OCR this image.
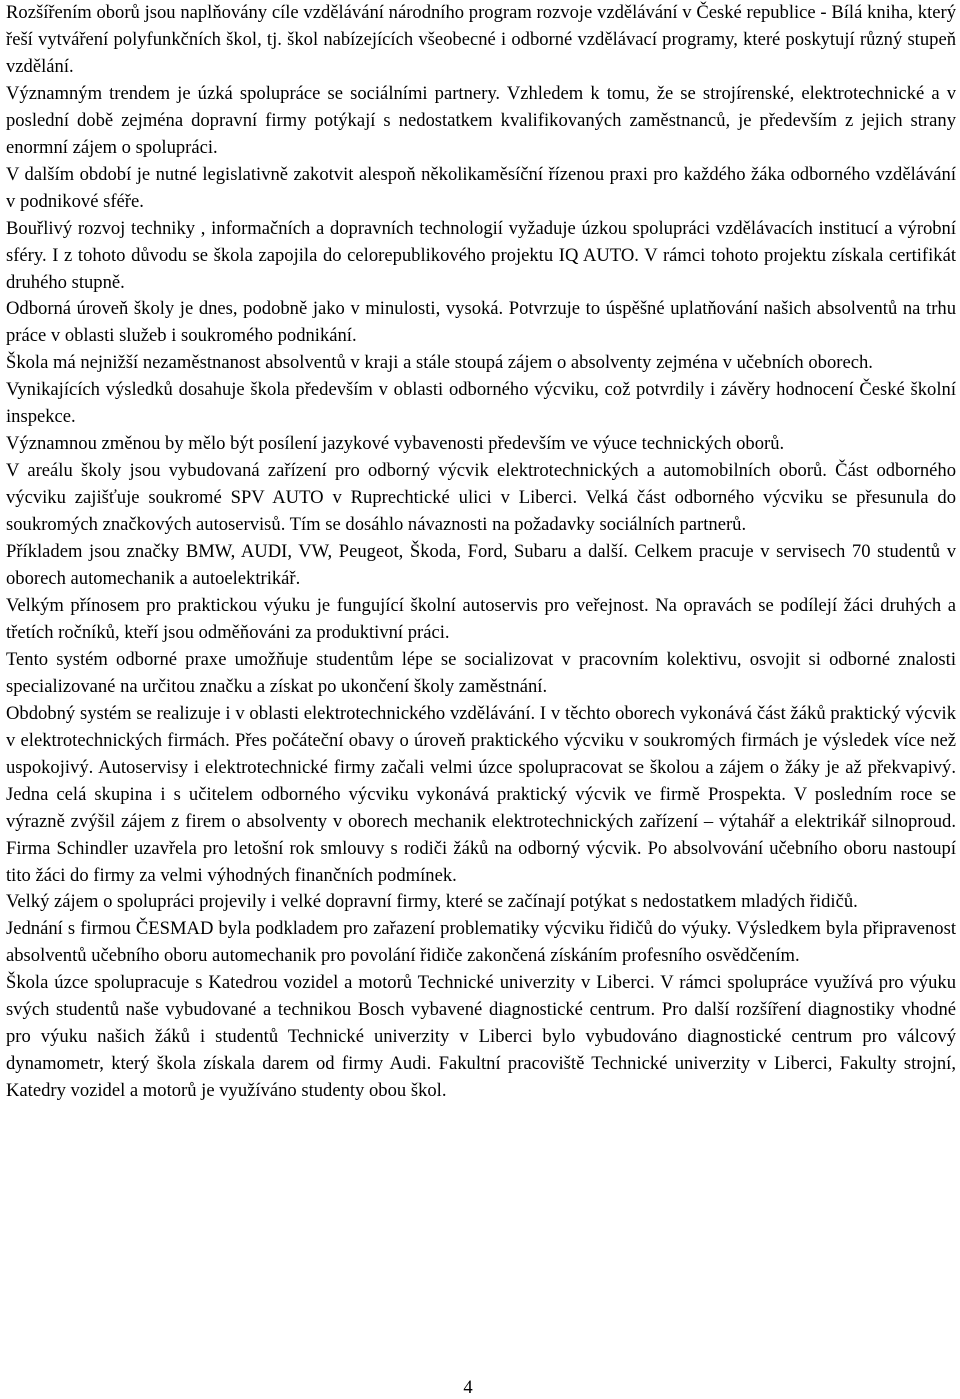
Rozšířením oborů jsou naplňovány cíle vzdělávání národního program rozvoje vzdělávání v České republice - Bílá kniha, který řeší vytváření polyfunkčních škol, tj. škol nabízejících všeobecné i odborné vzdělávací programy, které poskytují různý stupeň vzdělání.

Významným trendem je úzká spolupráce se sociálními partnery. Vzhledem k tomu, že se strojírenské, elektrotechnické a v poslední době zejména dopravní firmy potýkají s nedostatkem kvalifikovaných zaměstnanců, je především z jejich strany enormní zájem o spolupráci.

V dalším období je nutné legislativně zakotvit alespoň několikaměsíční řízenou praxi pro každého žáka odborného vzdělávání v podnikové sféře.

Bouřlivý rozvoj techniky , informačních a dopravních technologií vyžaduje úzkou spolupráci vzdělávacích institucí a výrobní sféry. I z tohoto důvodu se škola zapojila do celorepublikového projektu IQ AUTO. V rámci tohoto projektu získala certifikát druhého stupně.

Odborná úroveň školy je dnes, podobně jako v minulosti, vysoká. Potvrzuje to úspěšné uplatňování našich absolventů na trhu práce v oblasti služeb i soukromého podnikání.

Škola má nejnižší nezaměstnanost absolventů v kraji a stále stoupá zájem o absolventy zejména v učebních oborech.

Vynikajících výsledků dosahuje škola především v oblasti odborného výcviku, což potvrdily i závěry hodnocení České školní inspekce.

Významnou změnou by mělo být posílení jazykové vybavenosti především ve výuce technických oborů.

V areálu školy jsou vybudovaná zařízení pro odborný výcvik elektrotechnických a automobilních oborů. Část odborného výcviku zajišťuje soukromé SPV AUTO v Ruprechtické ulici v Liberci. Velká část odborného výcviku se přesunula do soukromých značkových autoservisů. Tím se dosáhlo návaznosti na požadavky sociálních partnerů.

Příkladem jsou značky BMW, AUDI, VW, Peugeot, Škoda, Ford, Subaru a další. Celkem pracuje v servisech 70 studentů v oborech automechanik a autoelektrikář.

Velkým přínosem pro praktickou výuku je fungující školní autoservis pro veřejnost. Na opravách se podílejí žáci druhých a třetích ročníků, kteří jsou odměňováni za produktivní práci.

Tento systém odborné praxe umožňuje studentům lépe se socializovat v pracovním kolektivu, osvojit si odborné znalosti specializované na určitou značku a získat po ukončení školy zaměstnání.

Obdobný systém se realizuje i v oblasti elektrotechnického vzdělávání. I v těchto oborech vykonává část žáků praktický výcvik v elektrotechnických firmách. Přes počáteční obavy o úroveň praktického výcviku v soukromých firmách je výsledek více než uspokojivý. Autoservisy i elektrotechnické firmy začali velmi úzce spolupracovat se školou a zájem o žáky je až překvapivý. Jedna celá skupina i s učitelem odborného výcviku vykonává praktický výcvik ve firmě Prospekta. V posledním roce se výrazně zvýšil zájem z firem o absolventy v oborech mechanik elektrotechnických zařízení – výtahář a elektrikář silnoproud. Firma Schindler uzavřela pro letošní rok smlouvy s rodiči žáků na odborný výcvik. Po absolvování učebního oboru nastoupí tito žáci do firmy za velmi výhodných finančních podmínek.

Velký zájem o spolupráci projevily i velké dopravní firmy, které se začínají potýkat s nedostatkem mladých řidičů.

Jednání s firmou ČESMAD byla podkladem pro zařazení problematiky výcviku řidičů do výuky. Výsledkem byla připravenost absolventů učebního oboru automechanik pro povolání řidiče zakončená získáním profesního osvědčením.

Škola úzce spolupracuje s Katedrou vozidel a motorů Technické univerzity v Liberci. V rámci spolupráce využívá pro výuku svých studentů naše vybudované a technikou Bosch vybavené diagnostické centrum. Pro další rozšíření diagnostiky vhodné pro výuku našich žáků i studentů Technické univerzity v Liberci bylo vybudováno diagnostické centrum pro válcový dynamometr, který škola získala darem od firmy Audi. Fakultní pracoviště Technické univerzity v Liberci, Fakulty strojní, Katedry vozidel a motorů je využíváno studenty obou škol.

4
